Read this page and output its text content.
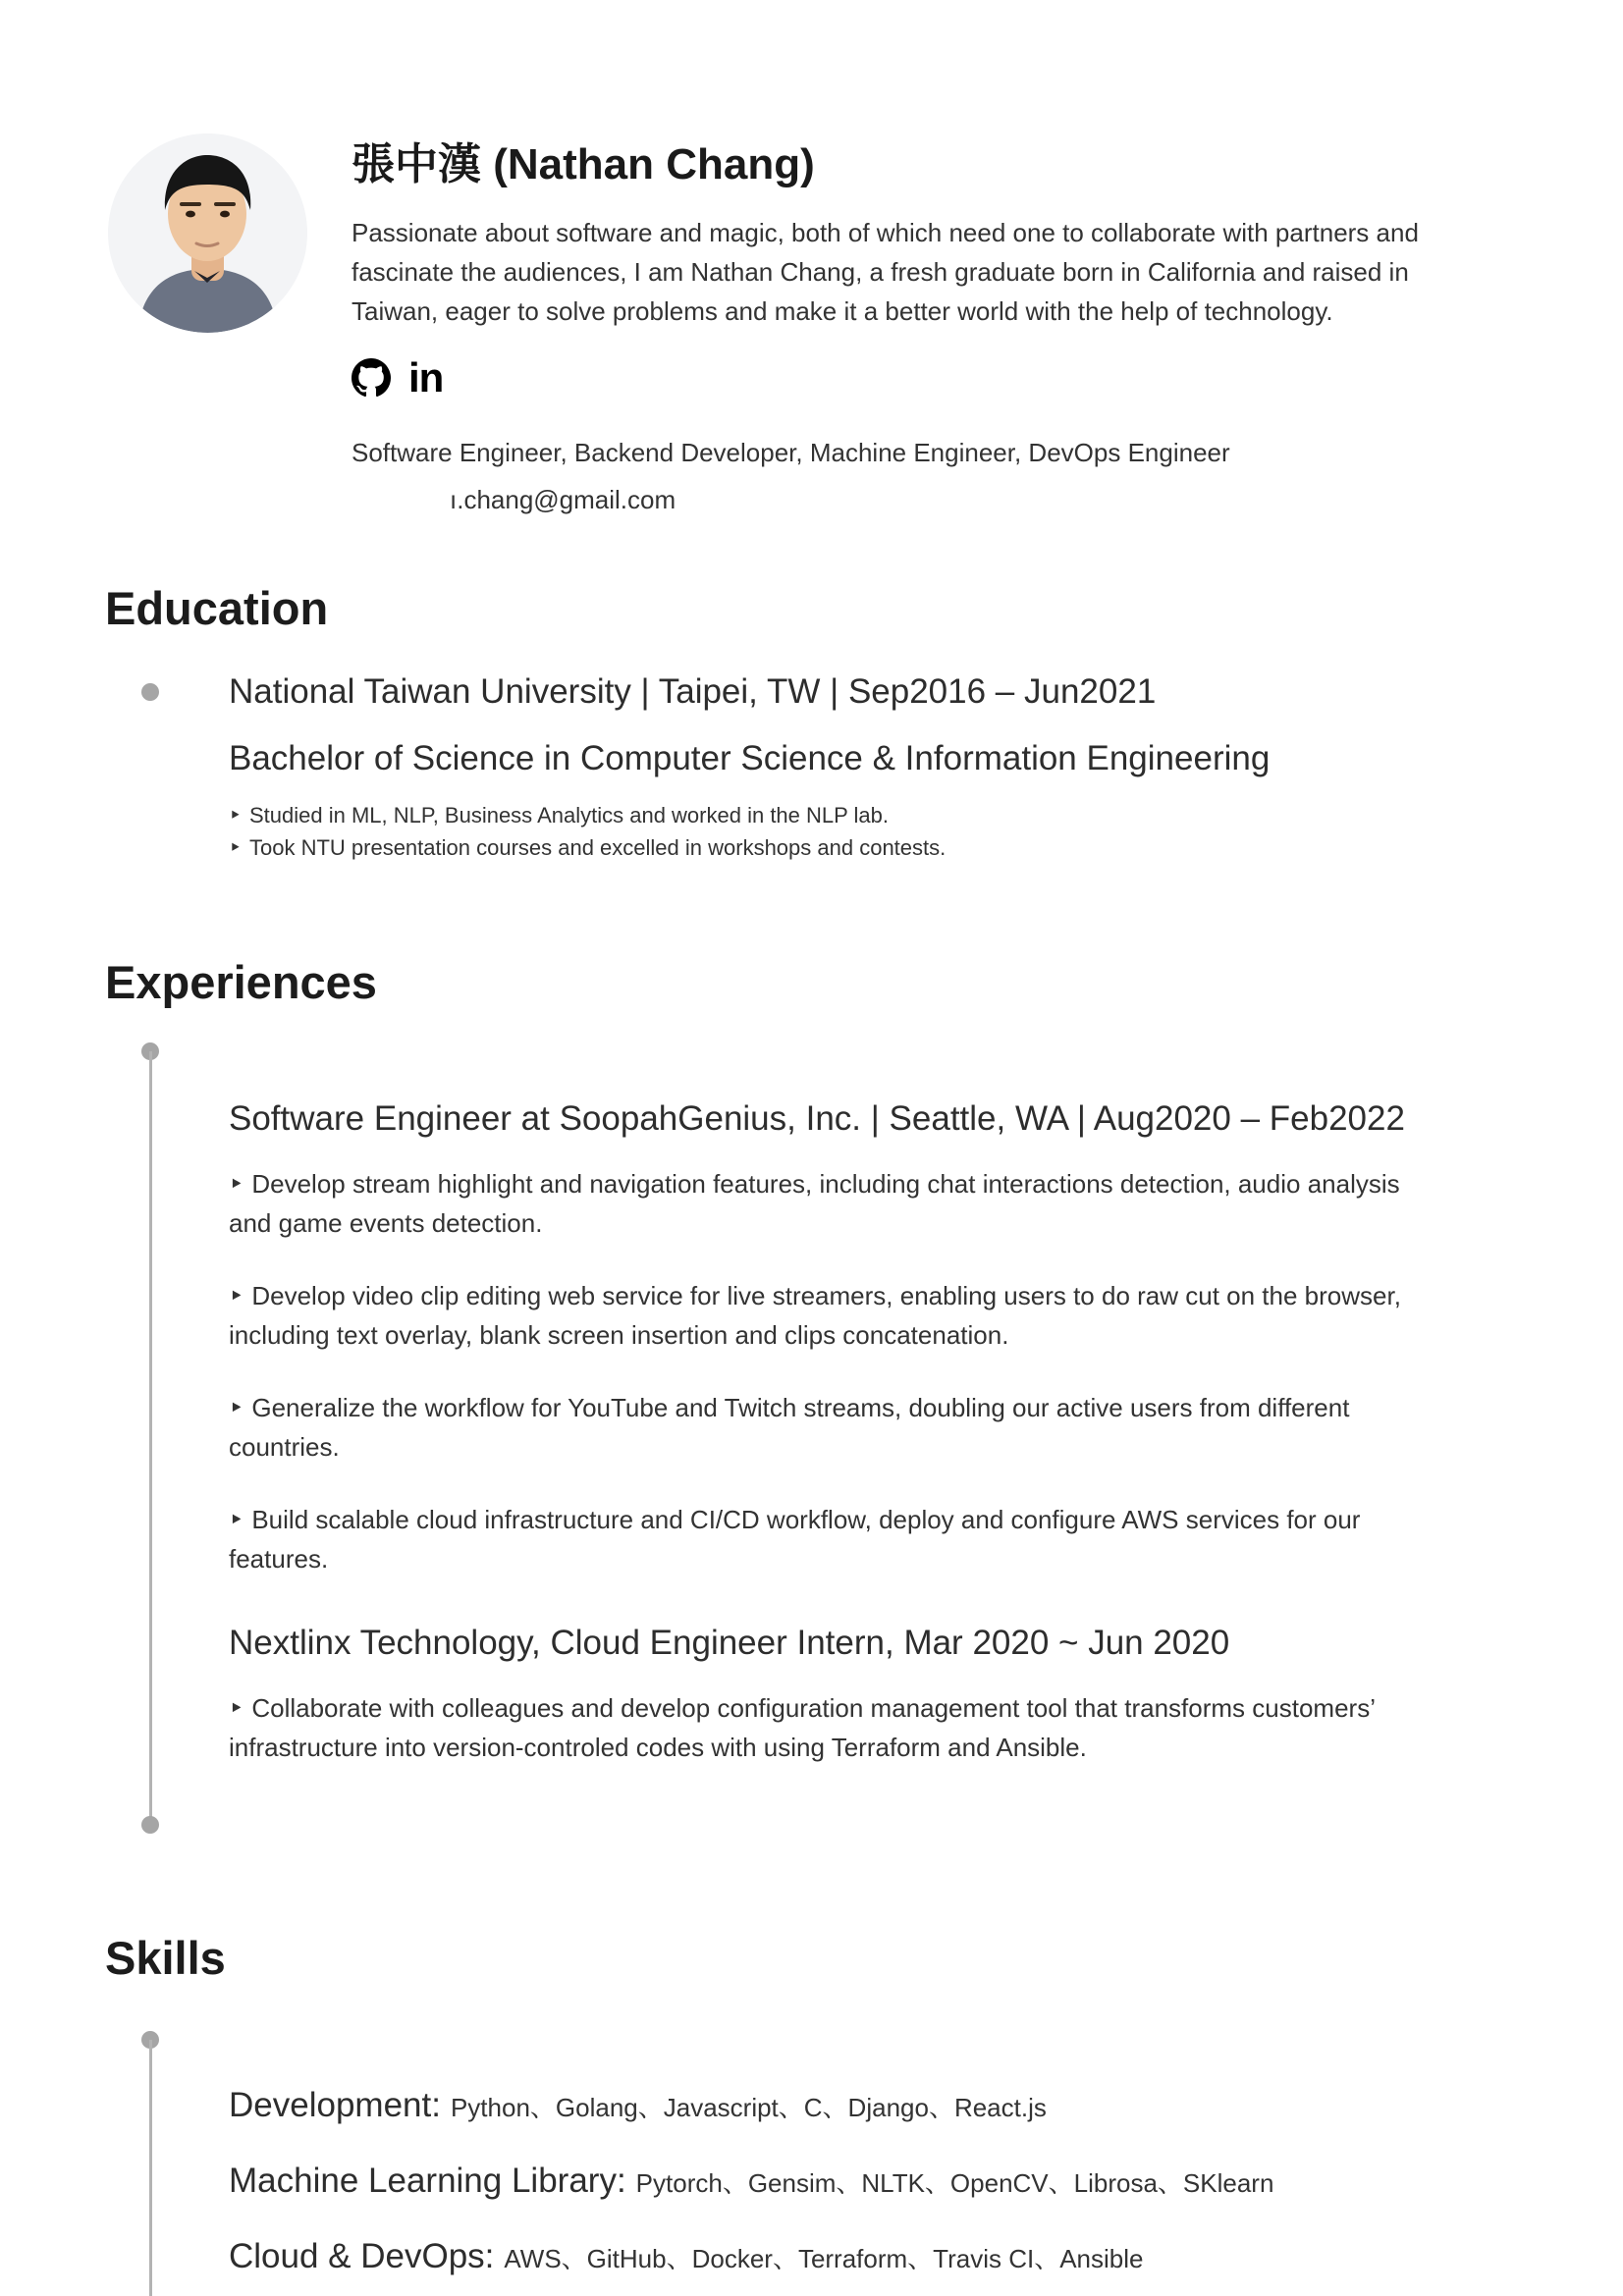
張中漢 (Nathan Chang)
Passionate about software and magic, both of which need one to collaborate with partners and
fascinate the audiences, I am Nathan Chang, a fresh graduate born in California and raised in
Taiwan, eager to solve problems and make it a better world with the help of technology.
in
Software Engineer, Backend Developer, Machine Engineer, DevOps Engineer
ı.chang@gmail.com
Education
National Taiwan University | Taipei, TW | Sep2016 – Jun2021
Bachelor of Science in Computer Science & Information Engineering
‣ Studied in ML, NLP, Business Analytics and worked in the NLP lab.
‣ Took NTU presentation courses and excelled in workshops and contests.
Experiences
Software Engineer at SoopahGenius, Inc. | Seattle, WA | Aug2020 – Feb2022
‣ Develop stream highlight and navigation features, including chat interactions detection, audio analysis and game events detection.
‣ Develop video clip editing web service for live streamers, enabling users to do raw cut on the browser, including text overlay, blank screen insertion and clips concatenation.
‣ Generalize the workflow for YouTube and Twitch streams, doubling our active users from different countries.
‣ Build scalable cloud infrastructure and CI/CD workflow, deploy and configure AWS services for our features.
Nextlinx Technology, Cloud Engineer Intern, Mar 2020 ~ Jun 2020
‣ Collaborate with colleagues and develop configuration management tool that transforms customers’ infrastructure into version-controled codes with using Terraform and Ansible.
Skills
Development: Python、Golang、Javascript、C、Django、React.js
Machine Learning Library: Pytorch、Gensim、NLTK、OpenCV、Librosa、SKlearn
Cloud & DevOps: AWS、GitHub、Docker、Terraform、Travis CI、Ansible
